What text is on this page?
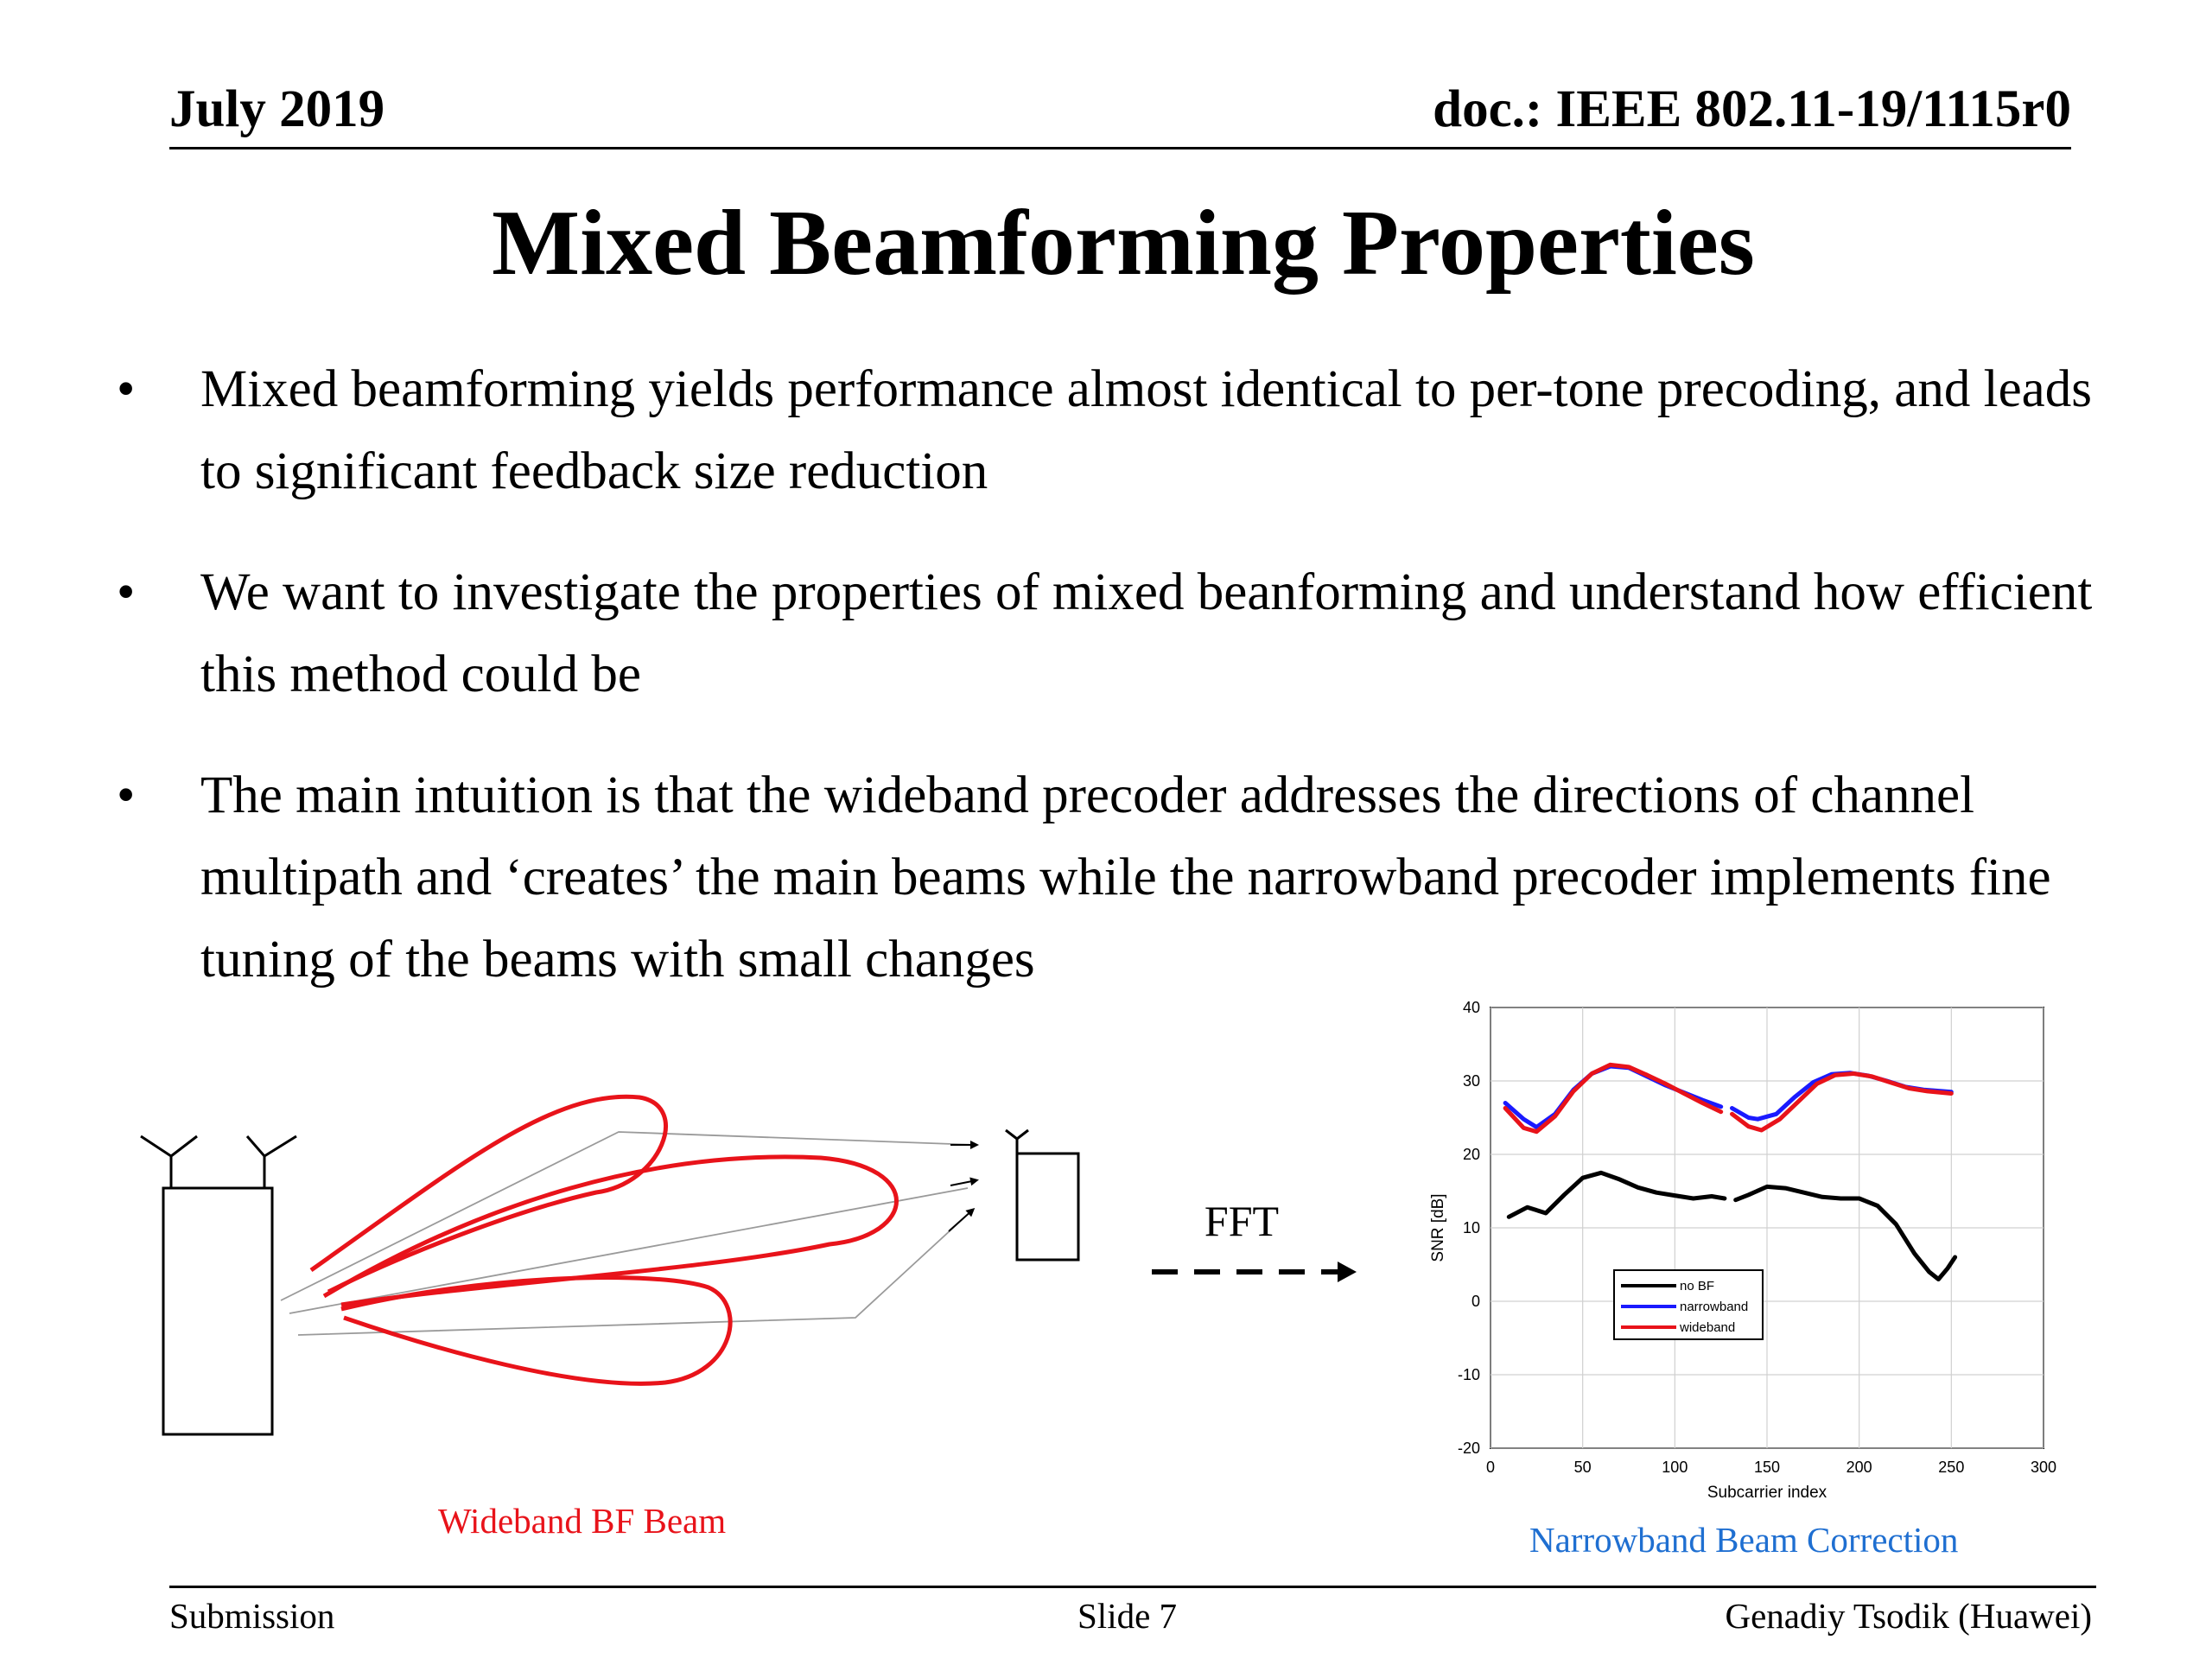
July 2019	doc.: IEEE 802.11-19/1115r0
Mixed Beamforming Properties
• Mixed beamforming yields performance almost identical to per-tone precoding, and leads to significant feedback size reduction
• We want to investigate the properties of mixed beanforming and understand how efficient this method could be
• The main intuition is that the wideband precoder addresses the directions of channel multipath and ‘creates’ the main beams while the narrowband precoder implements fine tuning of the beams with small changes
FFT
Wideband BF Beam
0	50	100	150	200	250	300
40
30
20
10
0
-10
-20
Subcarrier index
SNR [dB]
no BF
narrowband
wideband
Narrowband Beam Correction
Submission	Slide 7	Genadiy Tsodik (Huawei)
